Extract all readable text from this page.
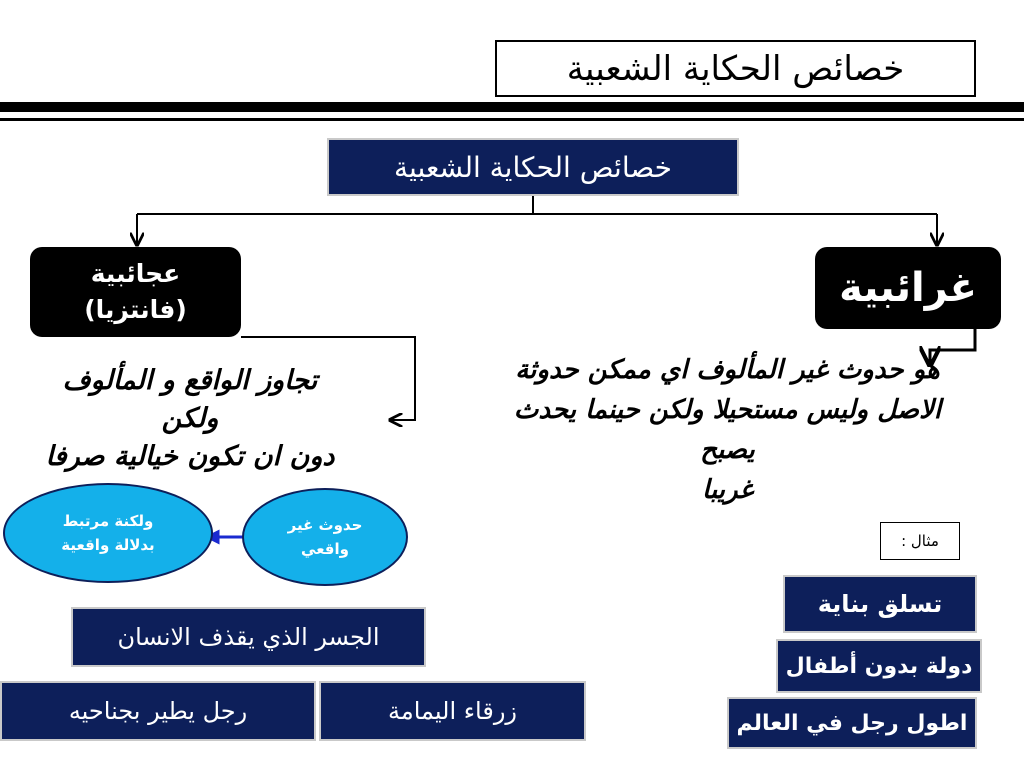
خصائص الحكاية الشعبية
خصائص الحكاية الشعبية
عجائبية
(فانتزيا)	غرائبية
تجاوز الواقع و المألوف ولكن
دون ان تكون خيالية صرفا
هو حدوث غير المألوف اي ممكن حدوثة
الاصل وليس مستحيلا ولكن حينما يحدث يصبح
غريبا
ولكنة مرتبط
بدلالة واقعية
حدوث غير
واقعي	مثال :
تسلق بناية
دولة بدون أطفال
اطول رجل في العالم
الجسر الذي يقذف الانسان
رجل يطير بجناحيه	زرقاء اليمامة
